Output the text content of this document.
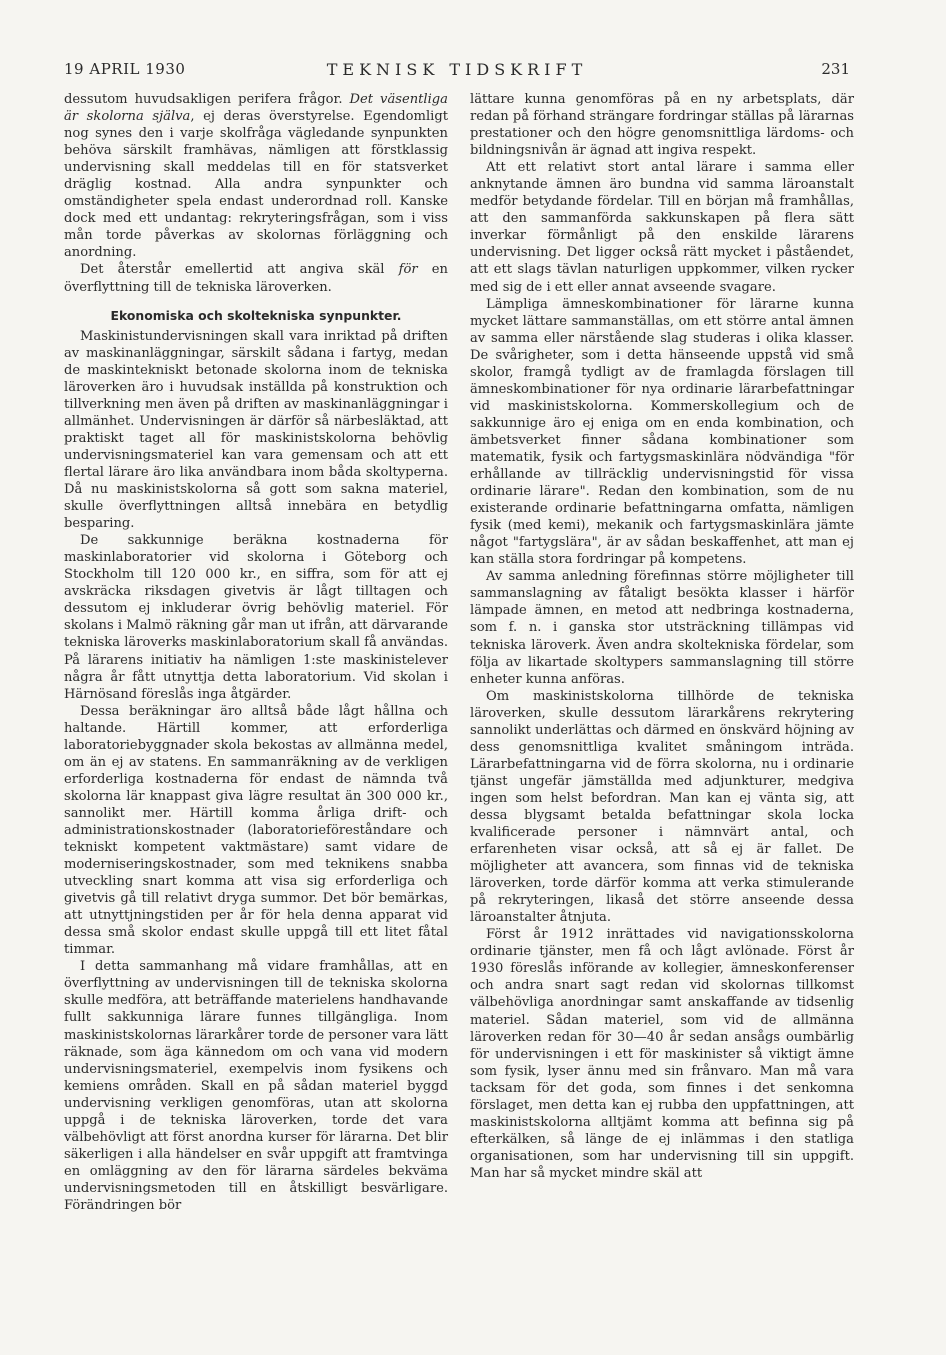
19 APRIL 1930	TEKNISK TIDSKRIFT	231

dessutom huvudsakligen perifera frågor. Det väsentliga är skolorna själva, ej deras överstyrelse. Egendomligt nog synes den i varje skolfråga vägledande synpunkten behöva särskilt framhävas, nämligen att förstklassig undervisning skall meddelas till en för statsverket dräglig kostnad. Alla andra synpunkter och omständigheter spela endast underordnad roll. Kanske dock med ett undantag: rekryteringsfrågan, som i viss mån torde påverkas av skolornas förläggning och anordning.

Det återstår emellertid att angiva skäl för en överflyttning till de tekniska läroverken.

Ekonomiska och skoltekniska synpunkter.

Maskinistundervisningen skall vara inriktad på driften av maskinanläggningar, särskilt sådana i fartyg, medan de maskintekniskt betonade skolorna inom de tekniska läroverken äro i huvudsak inställda på konstruktion och tillverkning men även på driften av maskinanläggningar i allmänhet. Undervisningen är därför så närbesläktad, att praktiskt taget all för maskinistskolorna behövlig undervisningsmateriel kan vara gemensam och att ett flertal lärare äro lika användbara inom båda skoltyperna. Då nu maskinistskolorna så gott som sakna materiel, skulle överflyttningen alltså innebära en betydlig besparing.

De sakkunnige beräkna kostnaderna för maskinlaboratorier vid skolorna i Göteborg och Stockholm till 120 000 kr., en siffra, som för att ej avskräcka riksdagen givetvis är lågt tilltagen och dessutom ej inkluderar övrig behövlig materiel. För skolans i Malmö räkning går man ut ifrån, att därvarande tekniska läroverks maskinlaboratorium skall få användas. På lärarens initiativ ha nämligen 1:ste maskinistelever några år fått utnyttja detta laboratorium. Vid skolan i Härnösand föreslås inga åtgärder.

Dessa beräkningar äro alltså både lågt hållna och haltande. Härtill kommer, att erforderliga laboratoriebyggnader skola bekostas av allmänna medel, om än ej av statens. En sammanräkning av de verkligen erforderliga kostnaderna för endast de nämnda två skolorna lär knappast giva lägre resultat än 300 000 kr., sannolikt mer. Härtill komma årliga drift- och administrationskostnader (laboratorieföreståndare och tekniskt kompetent vaktmästare) samt vidare de moderniseringskostnader, som med teknikens snabba utveckling snart komma att visa sig erforderliga och givetvis gå till relativt dryga summor. Det bör bemärkas, att utnyttjningstiden per år för hela denna apparat vid dessa små skolor endast skulle uppgå till ett litet fåtal timmar.

I detta sammanhang må vidare framhållas, att en överflyttning av undervisningen till de tekniska skolorna skulle medföra, att beträffande materielens handhavande fullt sakkunniga lärare funnes tillgängliga. Inom maskinistskolornas lärarkårer torde de personer vara lätt räknade, som äga kännedom om och vana vid modern undervisningsmateriel, exempelvis inom fysikens och kemiens områden. Skall en på sådan materiel byggd undervisning verkligen genomföras, utan att skolorna uppgå i de tekniska läroverken, torde det vara välbehövligt att först anordna kurser för lärarna. Det blir säkerligen i alla händelser en svår uppgift att framtvinga en omläggning av den för lärarna särdeles bekväma undervisningsmetoden till en åtskilligt besvärligare. Förändringen bör

lättare kunna genomföras på en ny arbetsplats, där redan på förhand strängare fordringar ställas på lärarnas prestationer och den högre genomsnittliga lärdoms- och bildningsnivån är ägnad att ingiva respekt.

Att ett relativt stort antal lärare i samma eller anknytande ämnen äro bundna vid samma läroanstalt medför betydande fördelar. Till en början må framhållas, att den sammanförda sakkunskapen på flera sätt inverkar förmånligt på den enskilde lärarens undervisning. Det ligger också rätt mycket i påståendet, att ett slags tävlan naturligen uppkommer, vilken rycker med sig de i ett eller annat avseende svagare.

Lämpliga ämneskombinationer för lärarne kunna mycket lättare sammanställas, om ett större antal ämnen av samma eller närstående slag studeras i olika klasser. De svårigheter, som i detta hänseende uppstå vid små skolor, framgå tydligt av de framlagda förslagen till ämneskombinationer för nya ordinarie lärarbefattningar vid maskinistskolorna. Kommerskollegium och de sakkunnige äro ej eniga om en enda kombination, och ämbetsverket finner sådana kombinationer som matematik, fysik och fartygsmaskinlära nödvändiga "för erhållande av tillräcklig undervisningstid för vissa ordinarie lärare". Redan den kombination, som de nu existerande ordinarie befattningarna omfatta, nämligen fysik (med kemi), mekanik och fartygsmaskinlära jämte något "fartygslära", är av sådan beskaffenhet, att man ej kan ställa stora fordringar på kompetens.

Av samma anledning förefinnas större möjligheter till sammanslagning av fåtaligt besökta klasser i härför lämpade ämnen, en metod att nedbringa kostnaderna, som f. n. i ganska stor utsträckning tillämpas vid tekniska läroverk. Även andra skoltekniska fördelar, som följa av likartade skoltypers sammanslagning till större enheter kunna anföras.

Om maskinistskolorna tillhörde de tekniska läroverken, skulle dessutom lärarkårens rekrytering sannolikt underlättas och därmed en önskvärd höjning av dess genomsnittliga kvalitet småningom inträda. Lärarbefattningarna vid de förra skolorna, nu i ordinarie tjänst ungefär jämställda med adjunkturer, medgiva ingen som helst befordran. Man kan ej vänta sig, att dessa blygsamt betalda befattningar skola locka kvalificerade personer i nämnvärt antal, och erfarenheten visar också, att så ej är fallet. De möjligheter att avancera, som finnas vid de tekniska läroverken, torde därför komma att verka stimulerande på rekryteringen, likaså det större anseende dessa läroanstalter åtnjuta.

Först år 1912 inrättades vid navigationsskolorna ordinarie tjänster, men få och lågt avlönade. Först år 1930 föreslås införande av kollegier, ämneskonferenser och andra snart sagt redan vid skolornas tillkomst välbehövliga anordningar samt anskaffande av tidsenlig materiel. Sådan materiel, som vid de allmänna läroverken redan för 30—40 år sedan ansågs oumbärlig för undervisningen i ett för maskinister så viktigt ämne som fysik, lyser ännu med sin frånvaro. Man må vara tacksam för det goda, som finnes i det senkomna förslaget, men detta kan ej rubba den uppfattningen, att maskinistskolorna alltjämt komma att befinna sig på efterkälken, så länge de ej inlämmas i den statliga organisationen, som har undervisning till sin uppgift. Man har så mycket mindre skäl att
